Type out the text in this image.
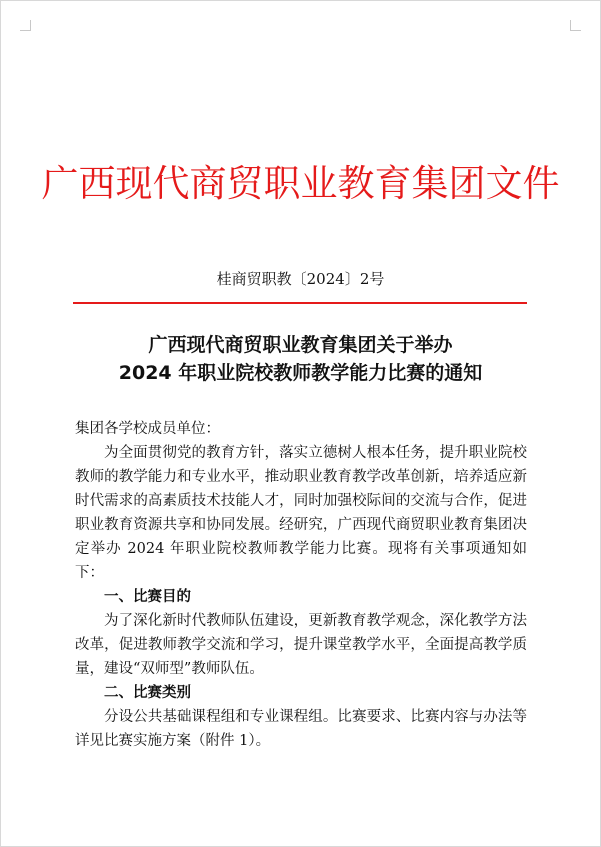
广西现代商贸职业教育集团文件
桂商贸职教〔2024〕2号
广西现代商贸职业教育集团关于举办
2024 年职业院校教师教学能力比赛的通知

集团各学校成员单位：

为全面贯彻党的教育方针，落实立德树人根本任务，提升职业院校教师的教学能力和专业水平，推动职业教育教学改革创新，培养适应新时代需求的高素质技术技能人才，同时加强校际间的交流与合作，促进职业教育资源共享和协同发展。经研究，广西现代商贸职业教育集团决定举办 2024 年职业院校教师教学能力比赛。现将有关事项通知如下：

一、比赛目的

为了深化新时代教师队伍建设，更新教育教学观念，深化教学方法改革，促进教师教学交流和学习，提升课堂教学水平，全面提高教学质量，建设“双师型”教师队伍。

二、比赛类别

分设公共基础课程组和专业课程组。比赛要求、比赛内容与办法等详见比赛实施方案（附件 1）。
